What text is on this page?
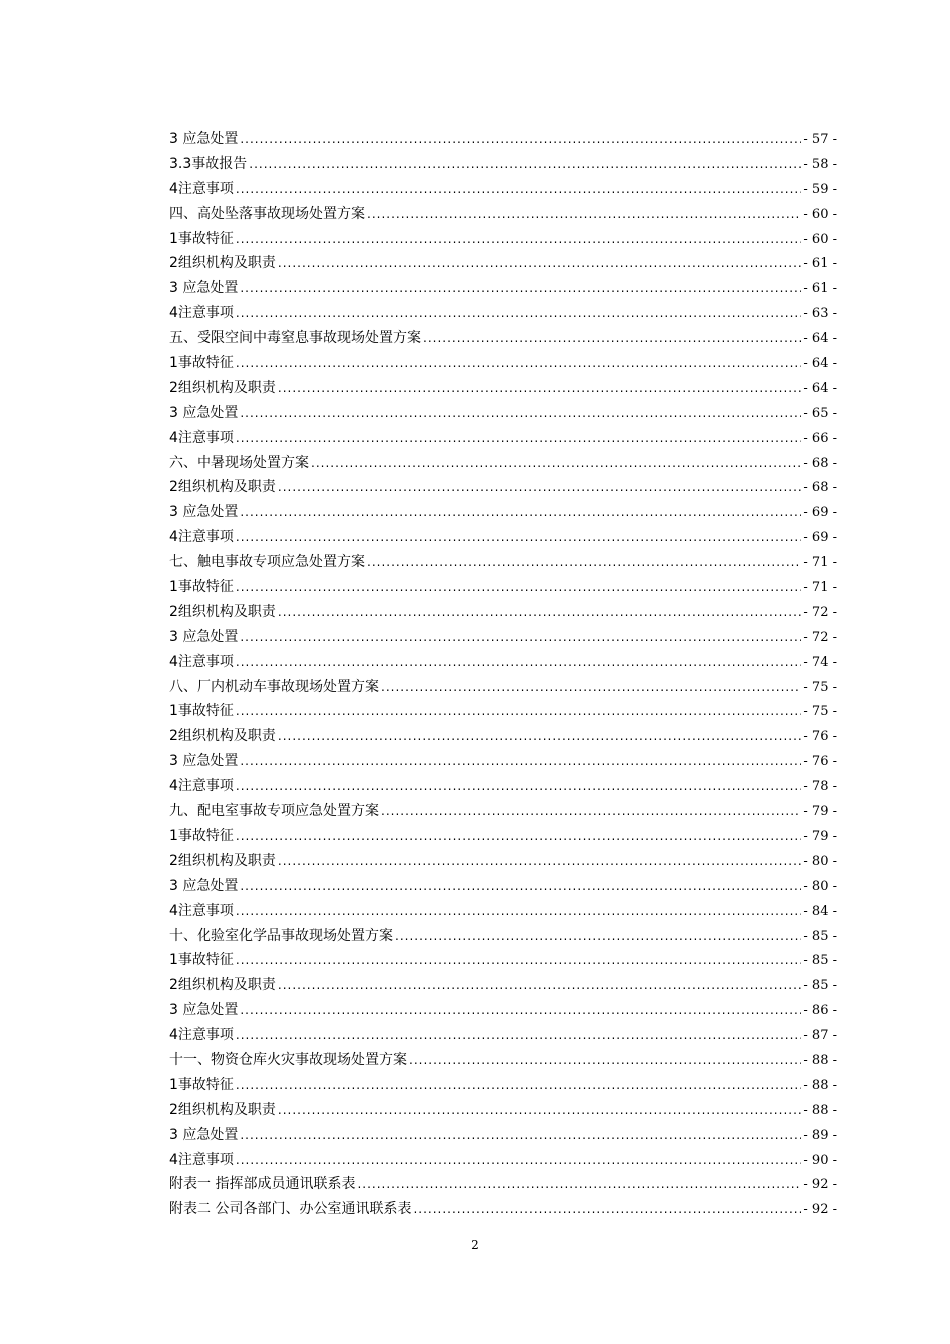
3 应急处置 .....	- 57 -
3.3事故报告 .....	- 58 -
4注意事项 .....	- 59 -
四、高处坠落事故现场处置方案 .....	- 60 -
1事故特征 .....	- 60 -
2组织机构及职责 .....	- 61 -
3 应急处置 .....	- 61 -
4注意事项 .....	- 63 -
五、受限空间中毒窒息事故现场处置方案 .....	- 64 -
1事故特征 .....	- 64 -
2组织机构及职责 .....	- 64 -
3 应急处置 .....	- 65 -
4注意事项 .....	- 66 -
六、中暑现场处置方案 .....	- 68 -
2组织机构及职责 .....	- 68 -
3 应急处置 .....	- 69 -
4注意事项 .....	- 69 -
七、触电事故专项应急处置方案 .....	- 71 -
1事故特征 .....	- 71 -
2组织机构及职责 .....	- 72 -
3 应急处置 .....	- 72 -
4注意事项 .....	- 74 -
八、厂内机动车事故现场处置方案 .....	- 75 -
1事故特征 .....	- 75 -
2组织机构及职责 .....	- 76 -
3 应急处置 .....	- 76 -
4注意事项 .....	- 78 -
九、配电室事故专项应急处置方案 .....	- 79 -
1事故特征 .....	- 79 -
2组织机构及职责 .....	- 80 -
3 应急处置 .....	- 80 -
4注意事项 .....	- 84 -
十、化验室化学品事故现场处置方案 .....	- 85 -
1事故特征 .....	- 85 -
2组织机构及职责 .....	- 85 -
3 应急处置 .....	- 86 -
4注意事项 .....	- 87 -
十一、物资仓库火灾事故现场处置方案 .....	- 88 -
1事故特征 .....	- 88 -
2组织机构及职责 .....	- 88 -
3 应急处置 .....	- 89 -
4注意事项 .....	- 90 -
附表一 指挥部成员通讯联系表 .....	- 92 -
附表二 公司各部门、办公室通讯联系表 .....	- 92 -
2
